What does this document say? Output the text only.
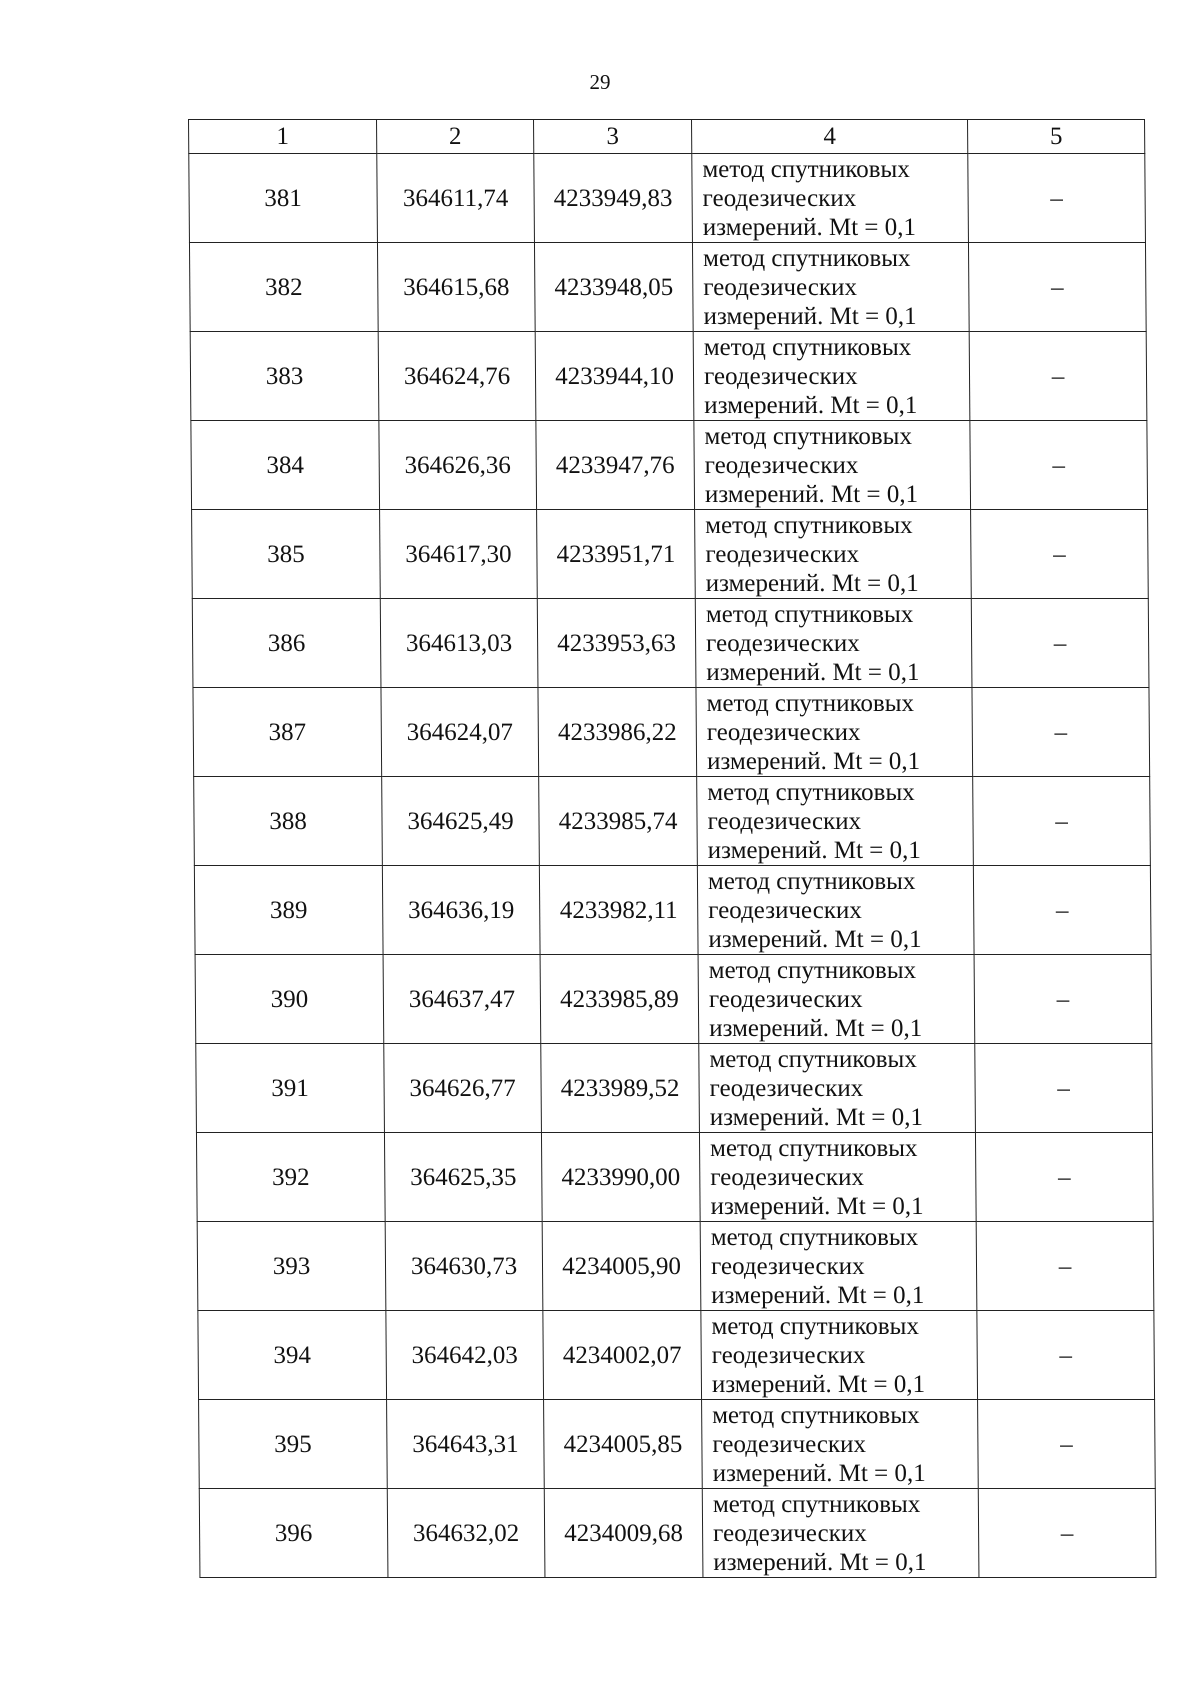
29
1	2	3	4	5
381	364611,74	4233949,83	метод спутниковых
геодезических
измерений. Mt = 0,1	–
382	364615,68	4233948,05	метод спутниковых
геодезических
измерений. Mt = 0,1	–
383	364624,76	4233944,10	метод спутниковых
геодезических
измерений. Mt = 0,1	–
384	364626,36	4233947,76	метод спутниковых
геодезических
измерений. Mt = 0,1	–
385	364617,30	4233951,71	метод спутниковых
геодезических
измерений. Mt = 0,1	–
386	364613,03	4233953,63	метод спутниковых
геодезических
измерений. Mt = 0,1	–
387	364624,07	4233986,22	метод спутниковых
геодезических
измерений. Mt = 0,1	–
388	364625,49	4233985,74	метод спутниковых
геодезических
измерений. Mt = 0,1	–
389	364636,19	4233982,11	метод спутниковых
геодезических
измерений. Mt = 0,1	–
390	364637,47	4233985,89	метод спутниковых
геодезических
измерений. Mt = 0,1	–
391	364626,77	4233989,52	метод спутниковых
геодезических
измерений. Mt = 0,1	–
392	364625,35	4233990,00	метод спутниковых
геодезических
измерений. Mt = 0,1	–
393	364630,73	4234005,90	метод спутниковых
геодезических
измерений. Mt = 0,1	–
394	364642,03	4234002,07	метод спутниковых
геодезических
измерений. Mt = 0,1	–
395	364643,31	4234005,85	метод спутниковых
геодезических
измерений. Mt = 0,1	–
396	364632,02	4234009,68	метод спутниковых
геодезических
измерений. Mt = 0,1	–
